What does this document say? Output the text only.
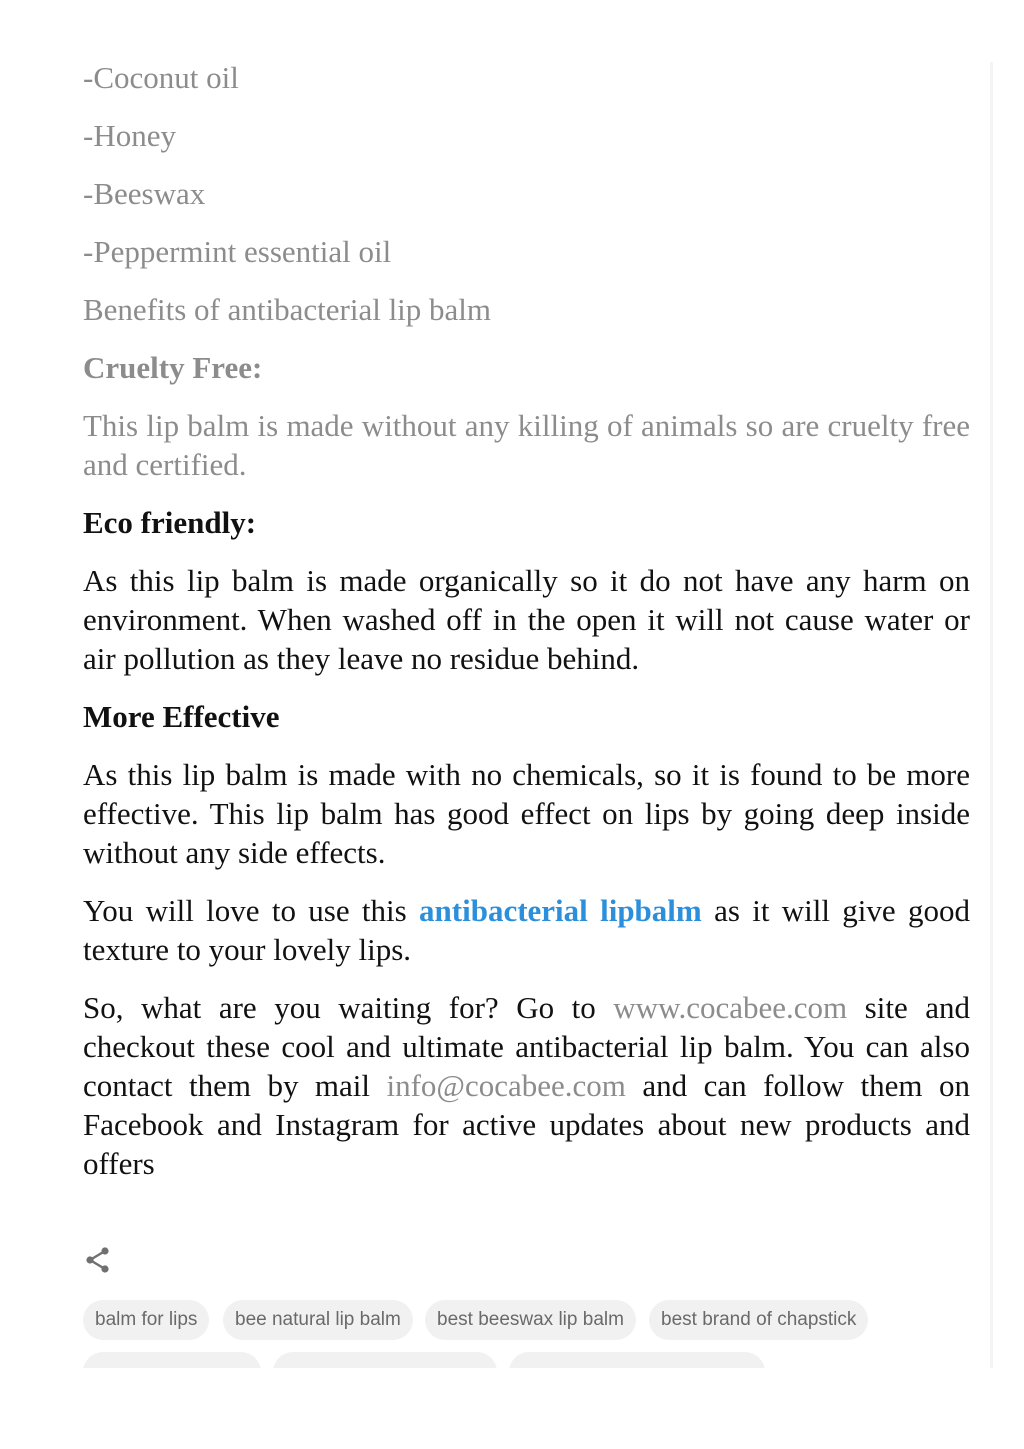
-Coconut oil

-Honey

-Beeswax

-Peppermint essential oil

Benefits of antibacterial lip balm

Cruelty Free:

This lip balm is made without any killing of animals so are cruelty free and certified.

Eco friendly:

As this lip balm is made organically so it do not have any harm on environment. When washed off in the open it will not cause water or air pollution as they leave no residue behind.

More Effective

As this lip balm is made with no chemicals, so it is found to be more effective. This lip balm has good effect on lips by going deep inside without any side effects.

You will love to use this antibacterial lipbalm as it will give good texture to your lovely lips.

So, what are you waiting for? Go to www.cocabee.com site and checkout these cool and ultimate antibacterial lip balm. You can also contact them by mail info@cocabee.com and can follow them on Facebook and Instagram for active updates about new products and offers

balm for lips	bee natural lip balm	best beeswax lip balm	best brand of chapstick
